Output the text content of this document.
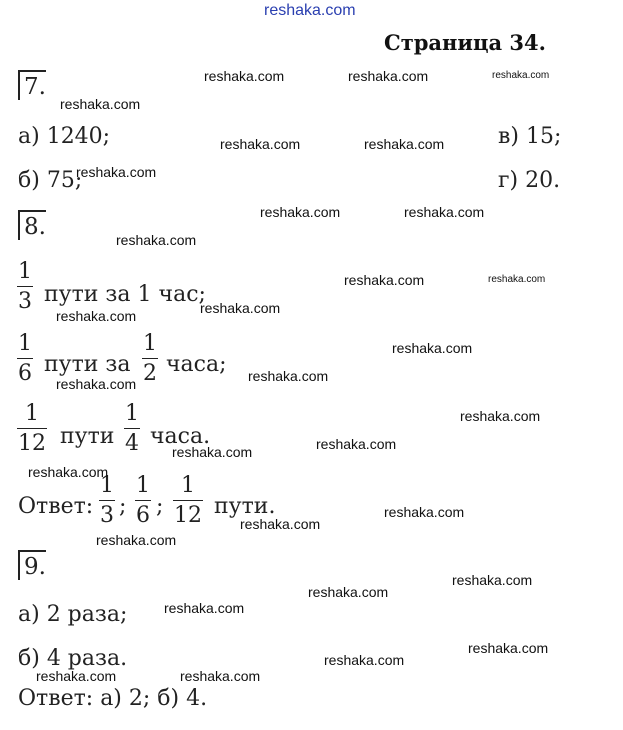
reshaka.com
Страница 34.
7.
а) 1240;
б) 75;
в) 15;
г) 20.
8.
1
3 пути за 1 час;
1
6 пути за
1
2 часа;
1
12 пути
1
4 часа.
Ответ:
1
3 ;
1
6 ;
1
12 пути.
9.
а) 2 раза;
б) 4 раза.
Ответ: а) 2; б) 4.
reshaka.com	reshaka.com	reshaka.com
reshaka.com
reshaka.com	reshaka.com
reshaka.com
reshaka.com	reshaka.com
reshaka.com
reshaka.com	reshaka.com
reshaka.com
reshaka.com
reshaka.com
reshaka.com
reshaka.com
reshaka.com
reshaka.com
reshaka.com
reshaka.com
reshaka.com
reshaka.com
reshaka.com
reshaka.com
reshaka.com
reshaka.com
reshaka.com
reshaka.com
reshaka.com	reshaka.com
